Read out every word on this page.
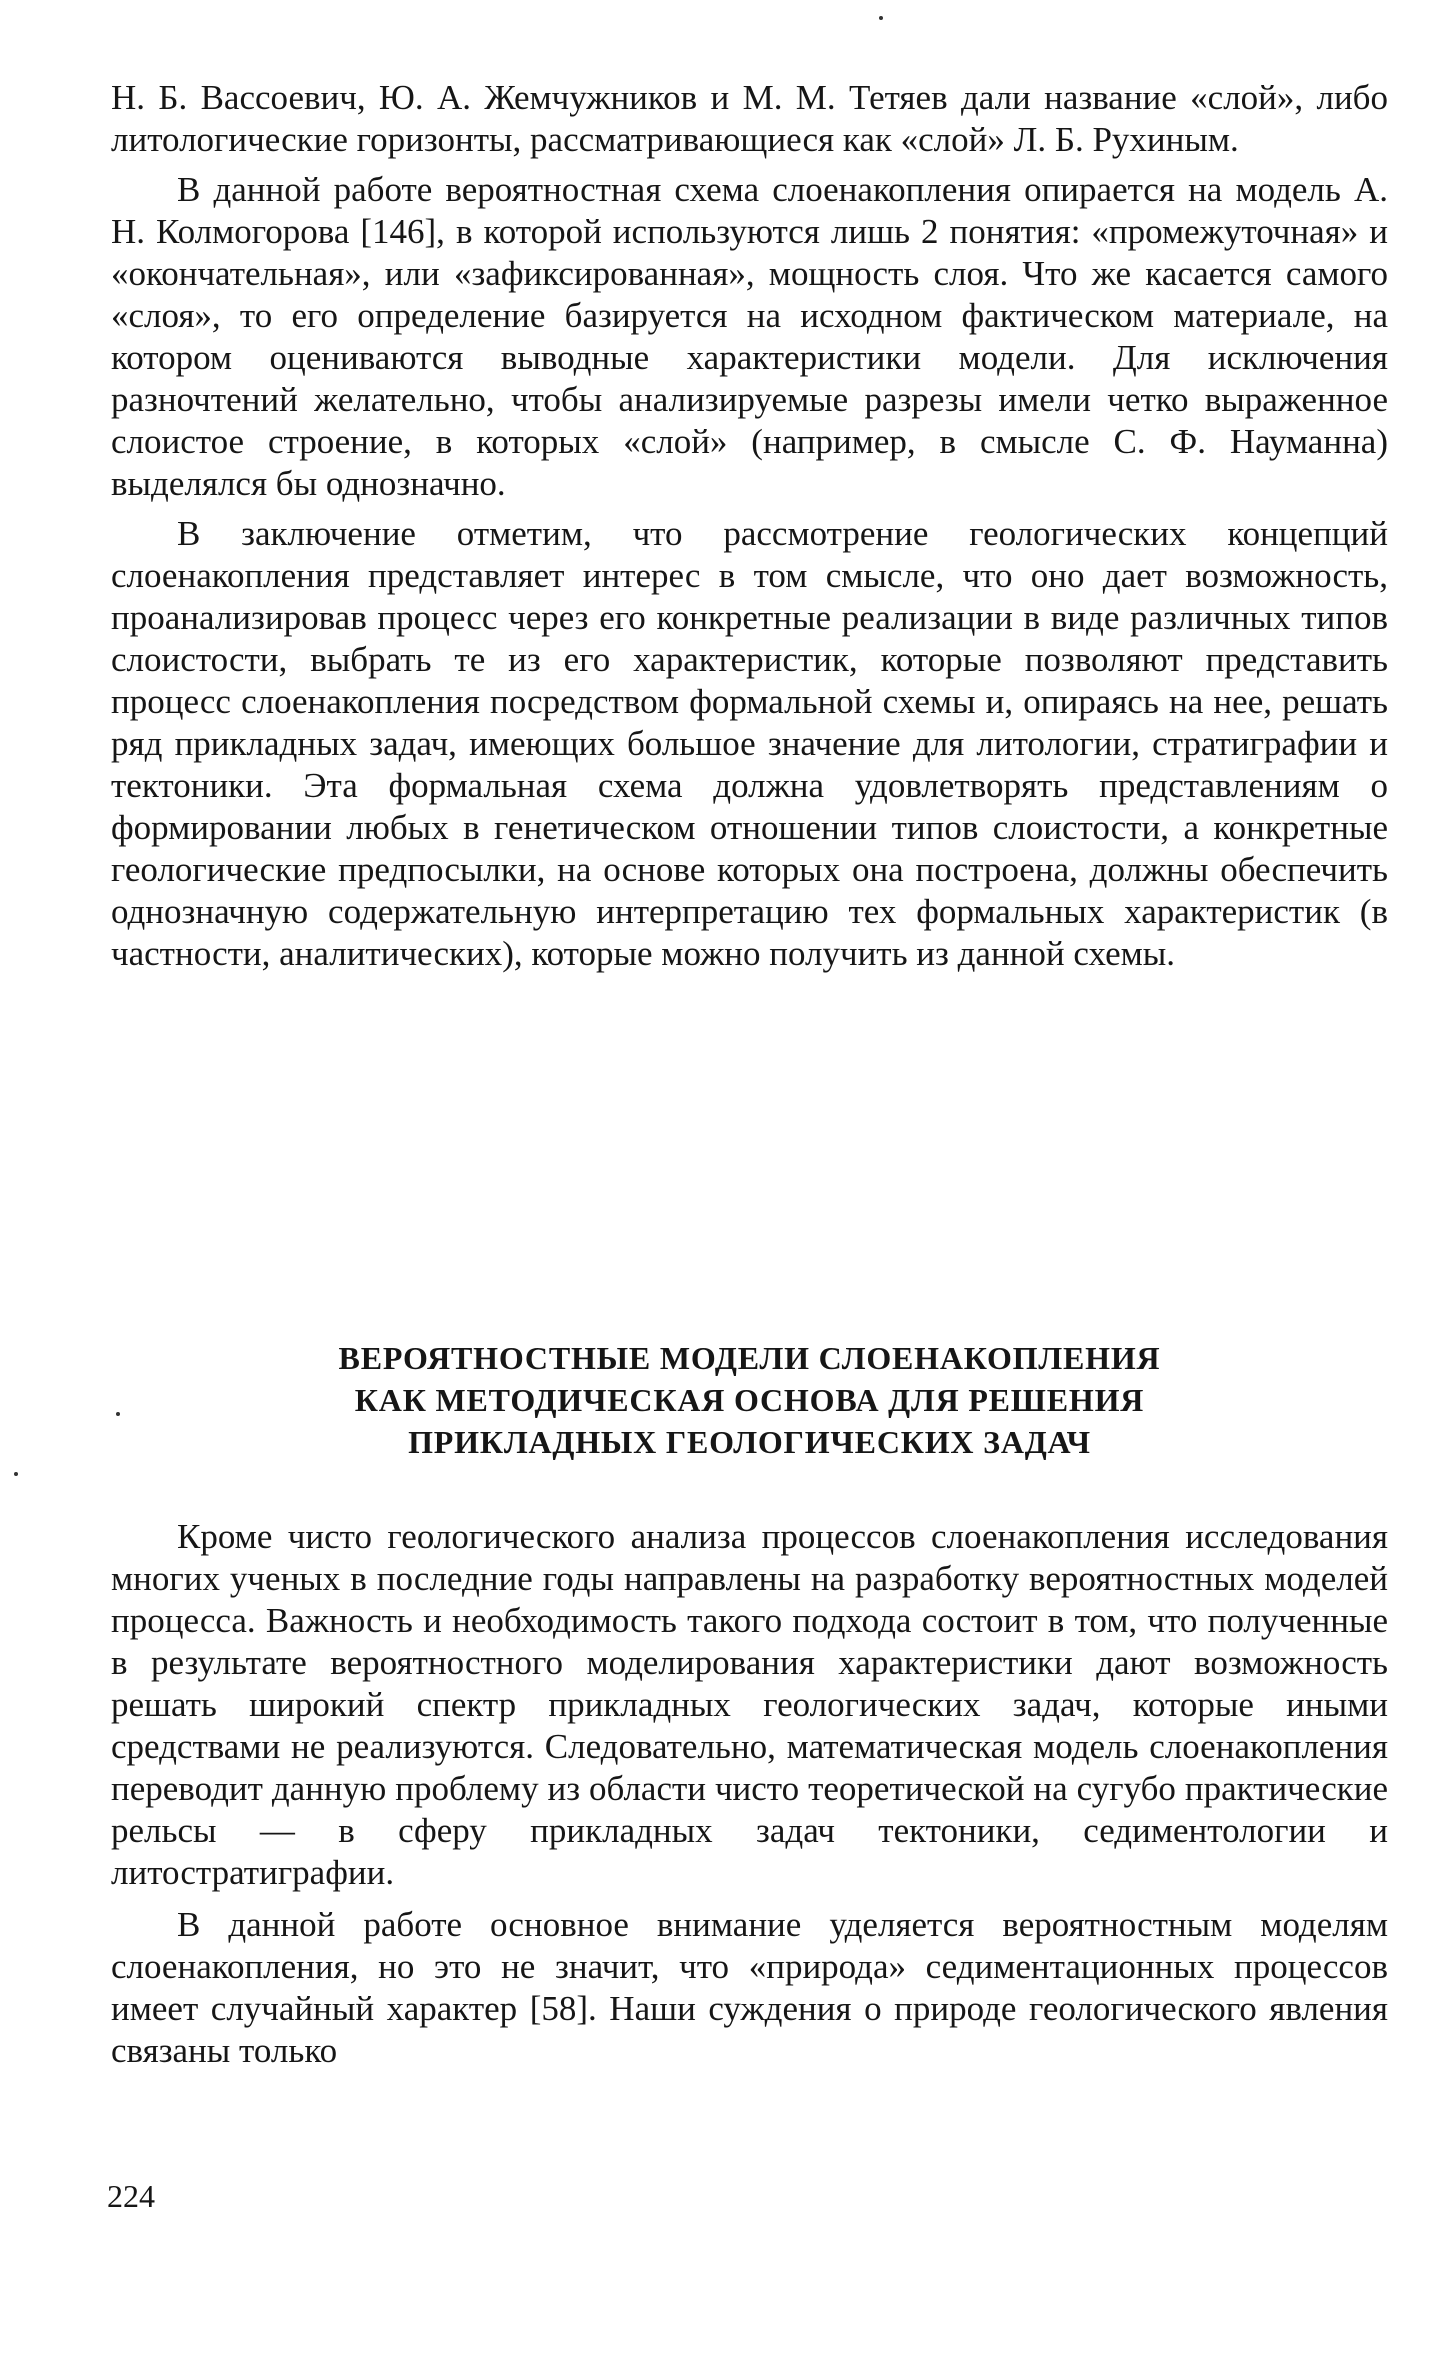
Н. Б. Вассоевич, Ю. А. Жемчужников и М. М. Тетяев дали название «слой», либо литологические горизонты, рассматривающиеся как «слой» Л. Б. Рухиным.

В данной работе вероятностная схема слоенакопления опирается на модель А. Н. Колмогорова [146], в которой используются лишь 2 понятия: «промежуточная» и «окончательная», или «зафиксированная», мощность слоя. Что же касается самого «слоя», то его определение базируется на исходном фактическом материале, на котором оцениваются выводные характеристики модели. Для исключения разночтений желательно, чтобы анализируемые разрезы имели четко выраженное слоистое строение, в которых «слой» (например, в смысле С. Ф. Науманна) выделялся бы однозначно.

В заключение отметим, что рассмотрение геологических концепций слоенакопления представляет интерес в том смысле, что оно дает возможность, проанализировав процесс через его конкретные реализации в виде различных типов слоистости, выбрать те из его характеристик, которые позволяют представить процесс слоенакопления посредством формальной схемы и, опираясь на нее, решать ряд прикладных задач, имеющих большое значение для литологии, стратиграфии и тектоники. Эта формальная схема должна удовлетворять представлениям о формировании любых в генетическом отношении типов слоистости, а конкретные геологические предпосылки, на основе которых она построена, должны обеспечить однозначную содержательную интерпретацию тех формальных характеристик (в частности, аналитических), которые можно получить из данной схемы.

ВЕРОЯТНОСТНЫЕ МОДЕЛИ СЛОЕНАКОПЛЕНИЯ
КАК МЕТОДИЧЕСКАЯ ОСНОВА ДЛЯ РЕШЕНИЯ
ПРИКЛАДНЫХ ГЕОЛОГИЧЕСКИХ ЗАДАЧ

Кроме чисто геологического анализа процессов слоенакопления исследования многих ученых в последние годы направлены на разработку вероятностных моделей процесса. Важность и необходимость такого подхода состоит в том, что полученные в результате вероятностного моделирования характеристики дают возможность решать широкий спектр прикладных геологических задач, которые иными средствами не реализуются. Следовательно, математическая модель слоенакопления переводит данную проблему из области чисто теоретической на сугубо практические рельсы — в сферу прикладных задач тектоники, седиментологии и литостратиграфии.

В данной работе основное внимание уделяется вероятностным моделям слоенакопления, но это не значит, что «природа» седиментационных процессов имеет случайный характер [58]. Наши суждения о природе геологического явления связаны только

224
